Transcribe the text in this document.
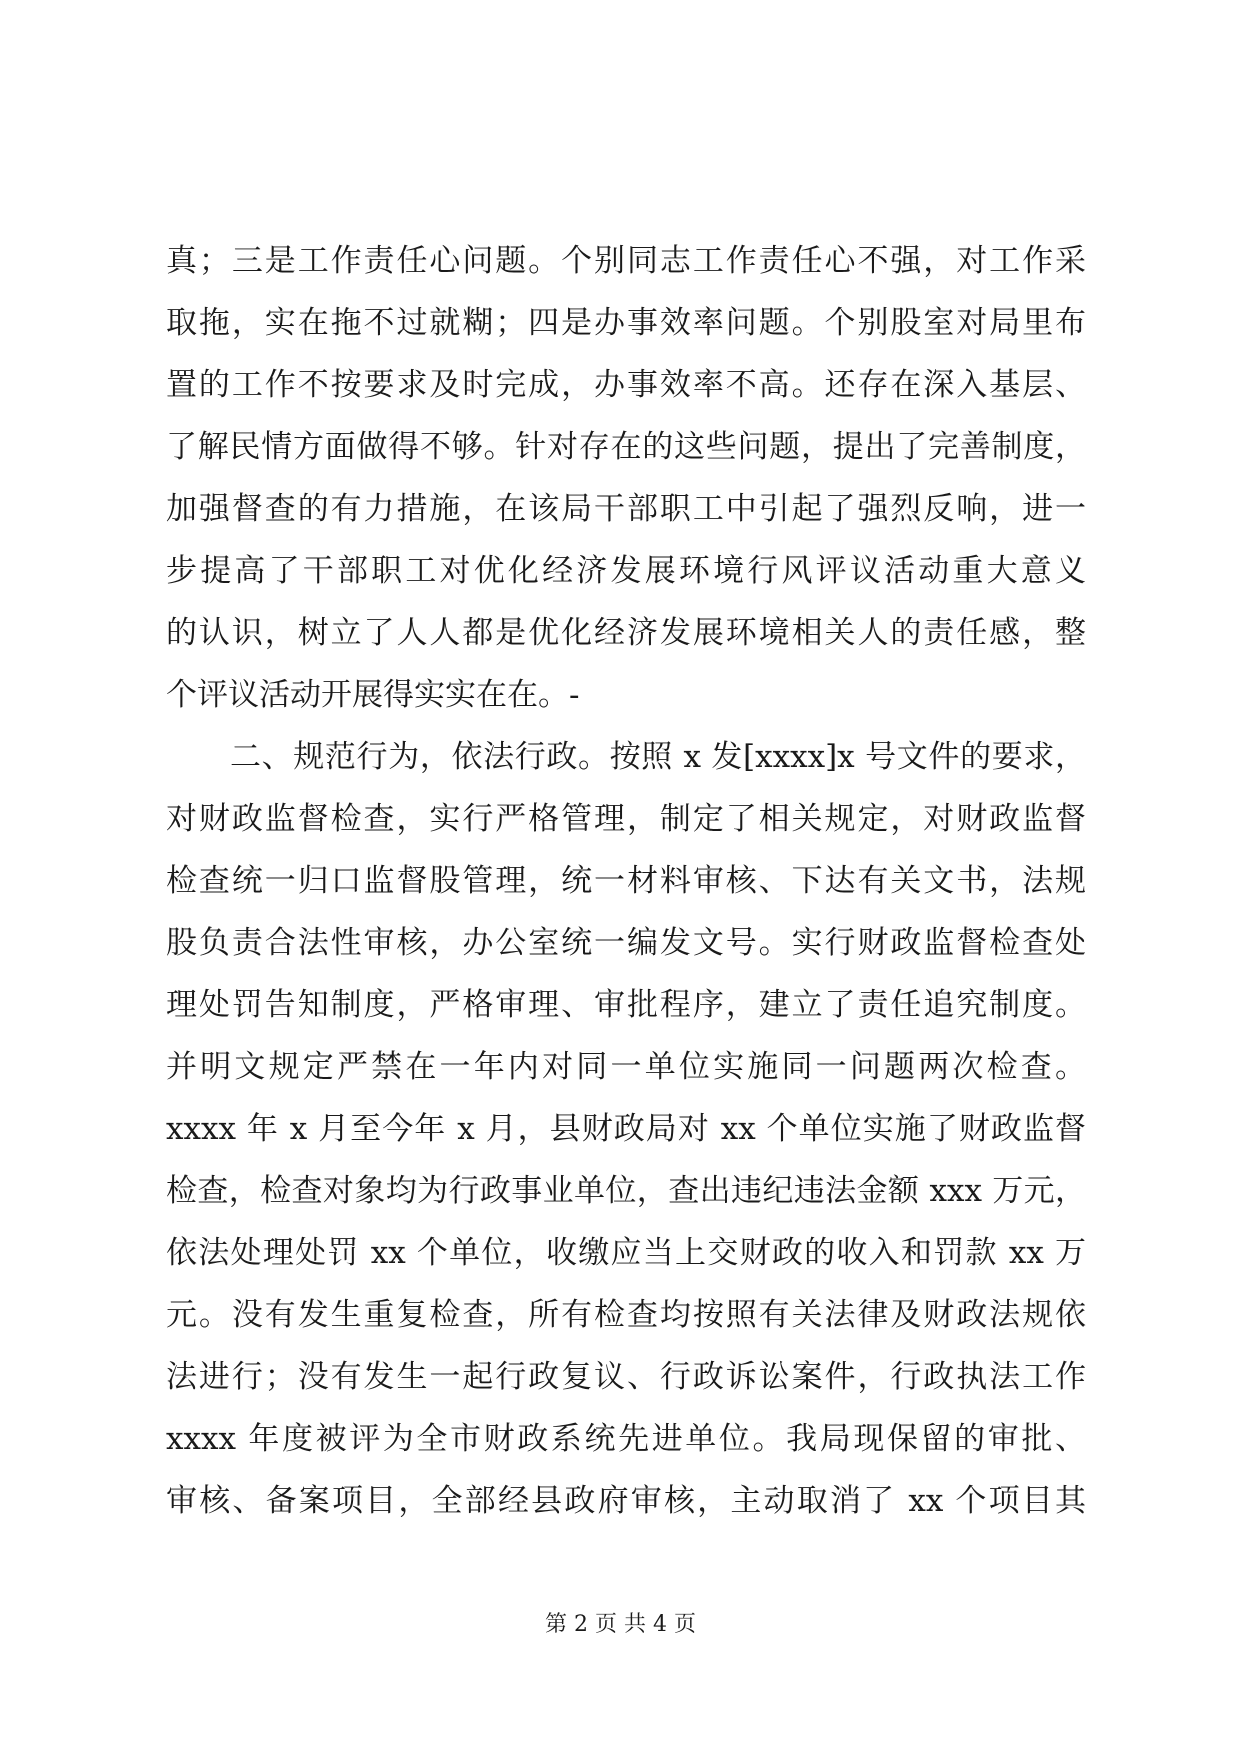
真；三是工作责任心问题。个别同志工作责任心不强，对工作采
取拖，实在拖不过就糊；四是办事效率问题。个别股室对局里布
置的工作不按要求及时完成，办事效率不高。还存在深入基层、
了解民情方面做得不够。针对存在的这些问题，提出了完善制度，
加强督查的有力措施，在该局干部职工中引起了强烈反响，进一
步提高了干部职工对优化经济发展环境行风评议活动重大意义
的认识，树立了人人都是优化经济发展环境相关人的责任感，整
个评议活动开展得实实在在。-
二、规范行为，依法行政。按照 x 发[xxxx]x 号文件的要求，
对财政监督检查，实行严格管理，制定了相关规定，对财政监督
检查统一归口监督股管理，统一材料审核、下达有关文书，法规
股负责合法性审核，办公室统一编发文号。实行财政监督检查处
理处罚告知制度，严格审理、审批程序，建立了责任追究制度。
并明文规定严禁在一年内对同一单位实施同一问题两次检查。
xxxx 年 x 月至今年 x 月，县财政局对 xx 个单位实施了财政监督
检查，检查对象均为行政事业单位，查出违纪违法金额 xxx 万元，
依法处理处罚 xx 个单位，收缴应当上交财政的收入和罚款 xx 万
元。没有发生重复检查，所有检查均按照有关法律及财政法规依
法进行；没有发生一起行政复议、行政诉讼案件，行政执法工作
xxxx 年度被评为全市财政系统先进单位。我局现保留的审批、
审核、备案项目，全部经县政府审核，主动取消了 xx 个项目其
第 2 页 共 4 页
